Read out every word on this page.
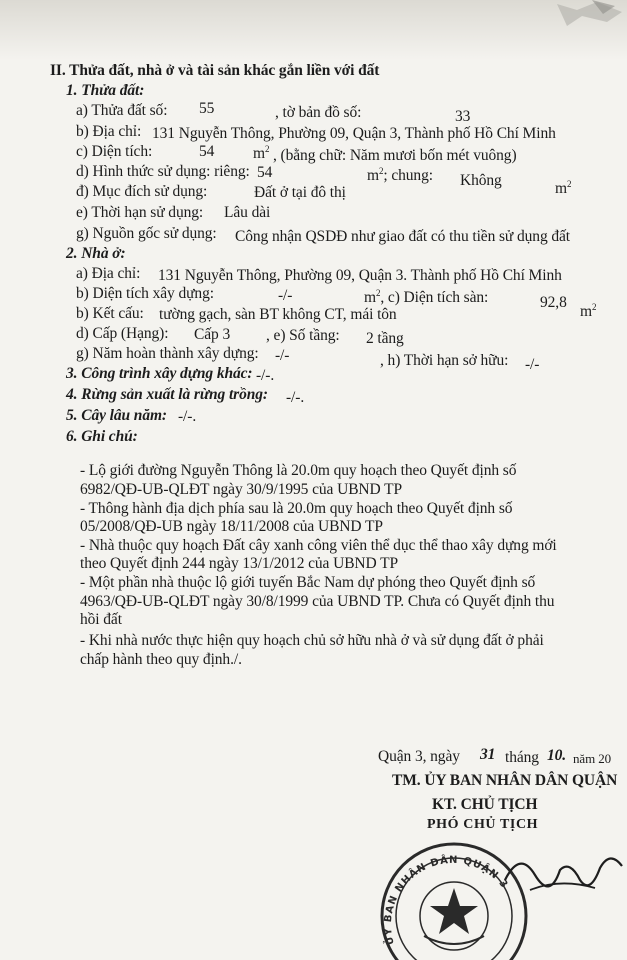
II. Thửa đất, nhà ở và tài sản khác gắn liền với đất
1. Thửa đất:
a) Thửa đất số: 55	, tờ bản đồ số:	33
b) Địa chỉ: 131 Nguyễn Thông, Phường 09, Quận 3, Thành phố Hồ Chí Minh
c) Diện tích:	54 $m^2$ , (bằng chữ: Năm mươi bốn mét vuông)
d) Hình thức sử dụng: riêng: 54	$m^2$; chung: Không	$m^2$
đ) Mục đích sử dụng:	Đất ở tại đô thị
e) Thời hạn sử dụng: Lâu dài
g) Nguồn gốc sử dụng: Công nhận QSDĐ như giao đất có thu tiền sử dụng đất
2. Nhà ở:
a) Địa chỉ: 131 Nguyễn Thông, Phường 09, Quận 3. Thành phố Hồ Chí Minh
b) Diện tích xây dựng:	-/-	$m^2$, c) Diện tích sàn:	92,8
$m^2$
b) Kết cấu: tường gạch, sàn BT không CT, mái tôn
d) Cấp (Hạng): Cấp 3 , e) Số tầng: 2 tầng
g) Năm hoàn thành xây dựng: -/-	, h) Thời hạn sở hữu: -/-
3. Công trình xây dựng khác: -/-.
4. Rừng sản xuất là rừng trồng: -/-.
5. Cây lâu năm: -/-.
6. Ghi chú:
- Lộ giới đường Nguyễn Thông là 20.0m quy hoạch theo Quyết định số
6982/QĐ-UB-QLĐT ngày 30/9/1995 của UBND TP
- Thông hành địa dịch phía sau là 20.0m quy hoạch theo Quyết định số
05/2008/QĐ-UB ngày 18/11/2008 của UBND TP
- Nhà thuộc quy hoạch Đất cây xanh công viên thể dục thể thao xây dựng mới
theo Quyết định 244 ngày 13/1/2012 của UBND TP
- Một phần nhà thuộc lộ giới tuyến Bắc Nam dự phóng theo Quyết định số
4963/QĐ-UB-QLĐT ngày 30/8/1999 của UBND TP. Chưa có Quyết định thu
hồi đất
- Khi nhà nước thực hiện quy hoạch chủ sở hữu nhà ở và sử dụng đất ở phải
chấp hành theo quy định./.
Quận 3, ngày 31 tháng 10. năm 20
TM. ỦY BAN NHÂN DÂN QUẬN
KT. CHỦ TỊCH
PHÓ CHỦ TỊCH
ỦY BAN NHÂN DÂN QUẬN 3
